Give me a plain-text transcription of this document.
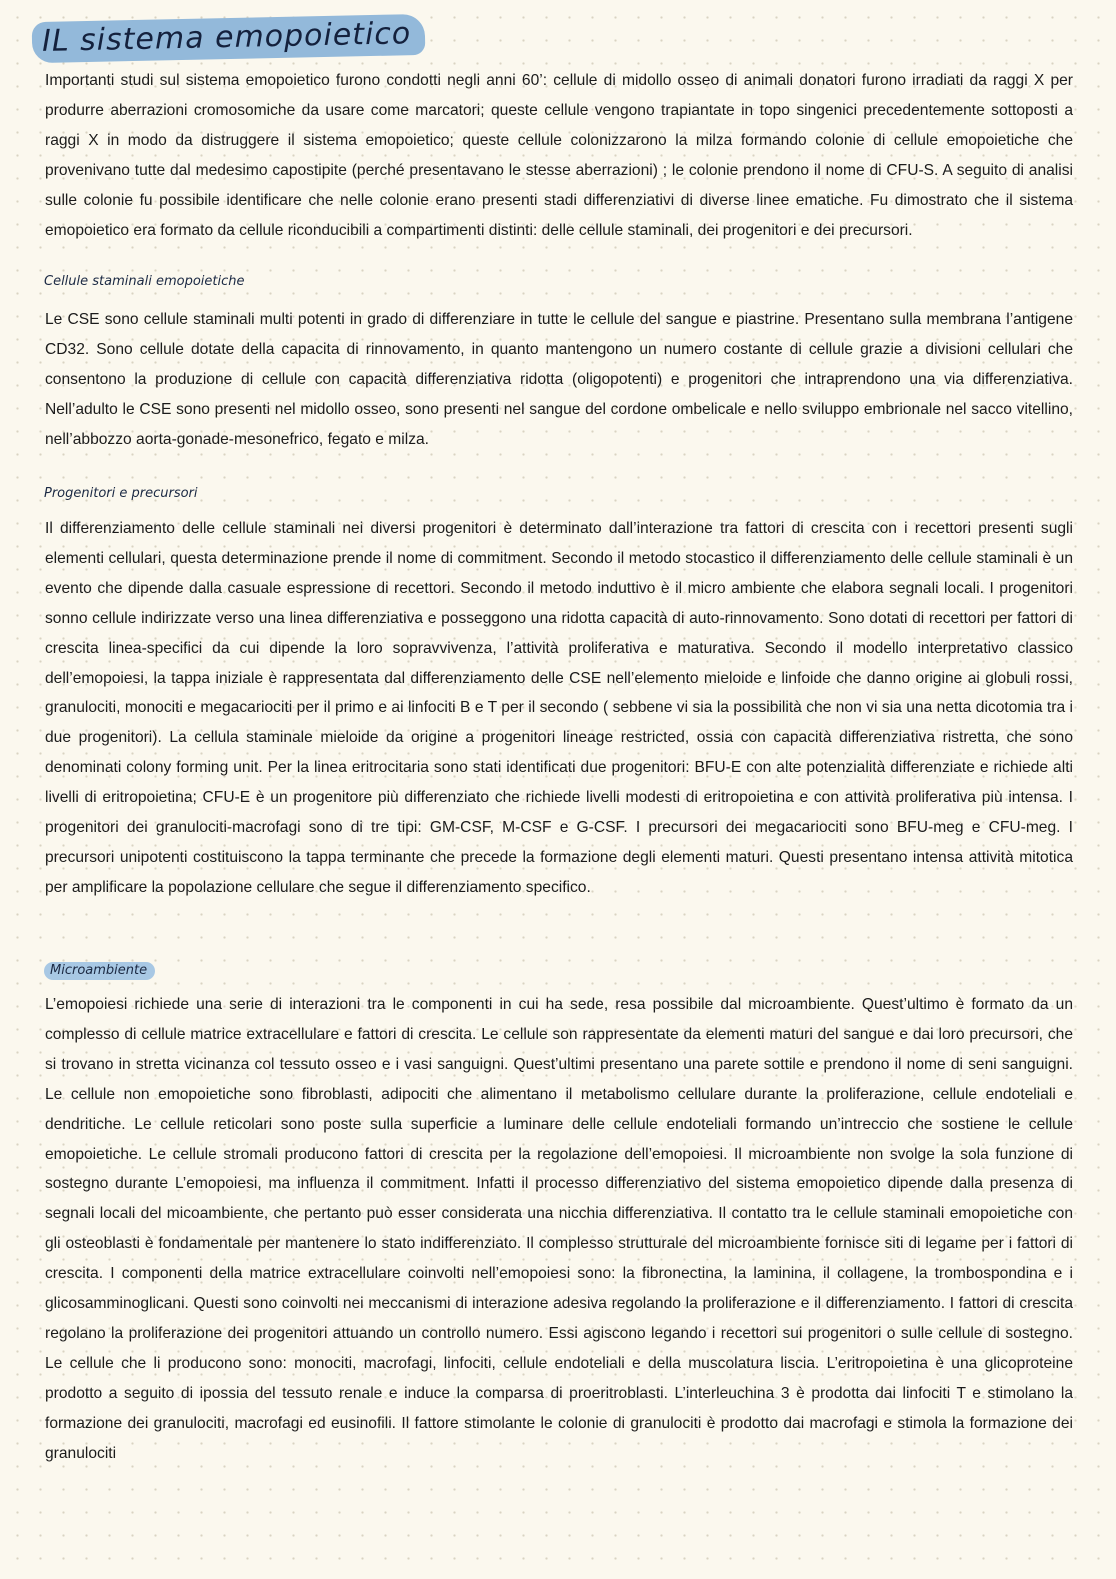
IL sistema emopoietico

Importanti studi sul sistema emopoietico furono condotti negli anni 60’: cellule di midollo osseo di animali donatori furono irradiati da raggi X per produrre aberrazioni cromosomiche da usare come marcatori; queste cellule vengono trapiantate in topo singenici precedentemente sottoposti a raggi X in modo da distruggere il sistema emopoietico; queste cellule colonizzarono la milza formando colonie di cellule emopoietiche che provenivano tutte dal medesimo capostipite (perché presentavano le stesse aberrazioni) ; le colonie prendono il nome di CFU-S. A seguito di analisi sulle colonie fu possibile identificare che nelle colonie erano presenti stadi differenziativi di diverse linee ematiche. Fu dimostrato che il sistema emopoietico era formato da cellule riconducibili a compartimenti distinti: delle cellule staminali, dei progenitori e dei precursori.

Cellule staminali emopoietiche

Le CSE sono cellule staminali multi potenti in grado di differenziare in tutte le cellule del sangue e piastrine. Presentano sulla membrana l’antigene CD32. Sono cellule dotate della capacita di rinnovamento, in quanto mantengono un numero costante di cellule grazie a divisioni cellulari che consentono la produzione di cellule con capacità differenziativa ridotta (oligopotenti) e progenitori che intraprendono una via differenziativa. Nell’adulto le CSE sono presenti nel midollo osseo, sono presenti nel sangue del cordone ombelicale e nello sviluppo embrionale nel sacco vitellino, nell’abbozzo aorta-gonade-mesonefrico, fegato e milza.

Progenitori e precursori

Il differenziamento delle cellule staminali nei diversi progenitori è determinato dall’interazione tra fattori di crescita con i recettori presenti sugli elementi cellulari, questa determinazione prende il nome di commitment. Secondo il metodo stocastico il differenziamento delle cellule staminali è un evento che dipende dalla casuale espressione di recettori. Secondo il metodo induttivo è il micro ambiente che elabora segnali locali. I progenitori sonno cellule indirizzate verso una linea differenziativa e posseggono una ridotta capacità di auto-rinnovamento. Sono dotati di recettori per fattori di crescita linea-specifici da cui dipende la loro sopravvivenza, l’attività proliferativa e maturativa. Secondo il modello interpretativo classico dell’emopoiesi, la tappa iniziale è rappresentata dal differenziamento delle CSE nell’elemento mieloide e linfoide che danno origine ai globuli rossi, granulociti, monociti e megacariociti per il primo e ai linfociti B e T per il secondo ( sebbene vi sia la possibilità che non vi sia una netta dicotomia tra i due progenitori). La cellula staminale mieloide da origine a progenitori lineage restricted, ossia con capacità differenziativa ristretta, che sono denominati colony forming unit. Per la linea eritrocitaria sono stati identificati due progenitori: BFU-E con alte potenzialità differenziate e richiede alti livelli di eritropoietina; CFU-E è un progenitore più differenziato che richiede livelli modesti di eritropoietina e con attività proliferativa più intensa. I progenitori dei granulociti-macrofagi sono di tre tipi: GM-CSF, M-CSF e G-CSF. I precursori dei megacariociti sono BFU-meg e CFU-meg. I precursori unipotenti costituiscono la tappa terminante che precede la formazione degli elementi maturi. Questi presentano intensa attività mitotica per amplificare la popolazione cellulare che segue il differenziamento specifico.

Microambiente

L’emopoiesi richiede una serie di interazioni tra le componenti in cui ha sede, resa possibile dal microambiente. Quest’ultimo è formato da un complesso di cellule matrice extracellulare e fattori di crescita. Le cellule son rappresentate da elementi maturi del sangue e dai loro precursori, che si trovano in stretta vicinanza col tessuto osseo e i vasi sanguigni. Quest’ultimi presentano una parete sottile e prendono il nome di seni sanguigni. Le cellule non emopoietiche sono fibroblasti, adipociti che alimentano il metabolismo cellulare durante la proliferazione, cellule endoteliali e dendritiche. Le cellule reticolari sono poste sulla superficie a luminare delle cellule endoteliali formando un’intreccio che sostiene le cellule emopoietiche. Le cellule stromali producono fattori di crescita per la regolazione dell’emopoiesi. Il microambiente non svolge la sola funzione di sostegno durante L’emopoiesi, ma influenza il commitment. Infatti il processo differenziativo del sistema emopoietico dipende dalla presenza di segnali locali del micoambiente, che pertanto può esser considerata una nicchia differenziativa. Il contatto tra le cellule staminali emopoietiche con gli osteoblasti è fondamentale per mantenere lo stato indifferenziato. Il complesso strutturale del microambiente fornisce siti di legame per i fattori di crescita. I componenti della matrice extracellulare coinvolti nell’emopoiesi sono: la fibronectina, la laminina, il collagene, la trombospondina e i glicosamminoglicani. Questi sono coinvolti nei meccanismi di interazione adesiva regolando la proliferazione e il differenziamento. I fattori di crescita regolano la proliferazione dei progenitori attuando un controllo numero. Essi agiscono legando i recettori sui progenitori o sulle cellule di sostegno. Le cellule che li producono sono: monociti, macrofagi, linfociti, cellule endoteliali e della muscolatura liscia. L’eritropoietina è una glicoproteine prodotto a seguito di ipossia del tessuto renale e induce la comparsa di proeritroblasti. L’interleuchina 3 è prodotta dai linfociti T e stimolano la formazione dei granulociti, macrofagi ed eusinofili. Il fattore stimolante le colonie di granulociti è prodotto dai macrofagi e stimola la formazione dei granulociti
